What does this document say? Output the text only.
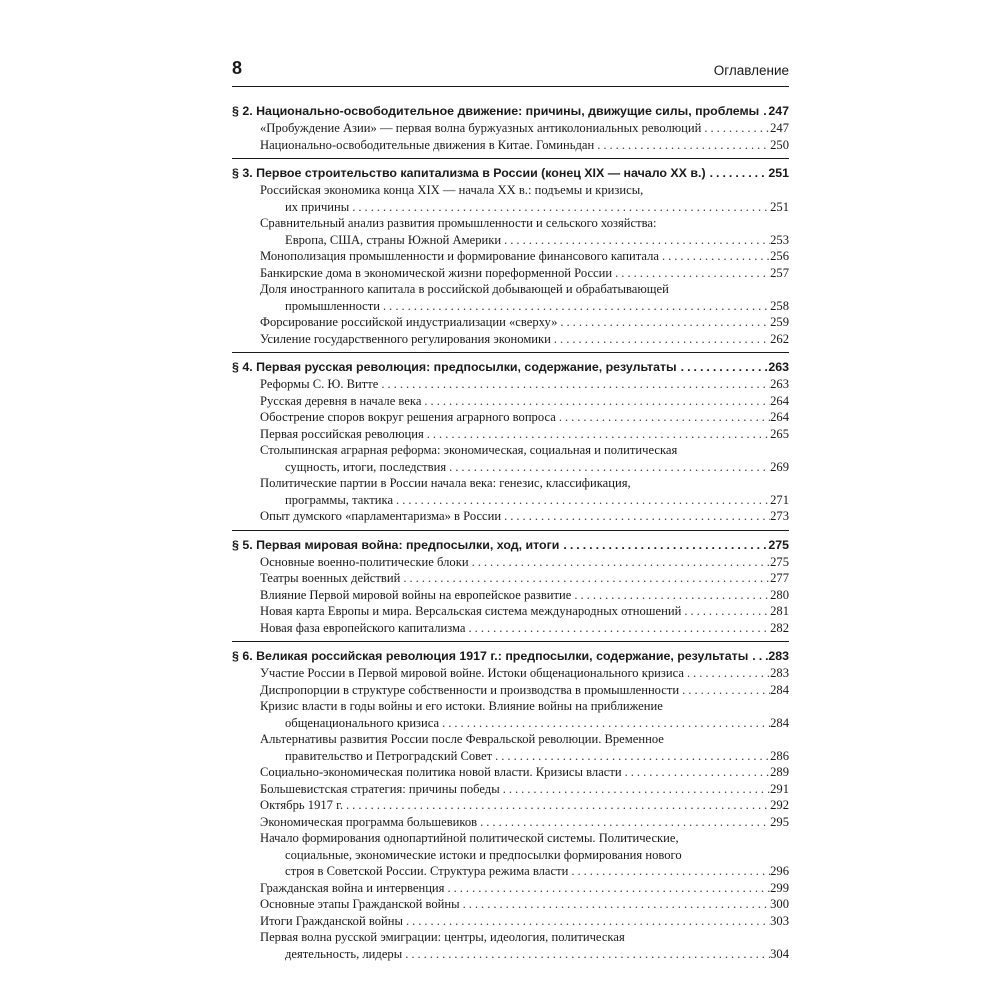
8	Оглавление
§ 2. Национально-освободительное движение: причины, движущие силы, проблемы ..... 247
«Пробуждение Азии» — первая волна буржуазных антиколониальных революций .....	247
Национально-освободительные движения в Китае. Гоминьдан .....	250
§ 3. Первое строительство капитализма в России (конец XIX — начало XX в.) .....	251
Российская экономика конца XIX — начала XX в.: подъемы и кризисы,
их причины .....	251
Сравнительный анализ развития промышленности и сельского хозяйства:
Европа, США, страны Южной Америки .....	253
Монополизация промышленности и формирование финансового капитала .....	256
Банкирские дома в экономической жизни пореформенной России .....	257
Доля иностранного капитала в российской добывающей и обрабатывающей
промышленности .....	258
Форсирование российской индустриализации «сверху» .....	259
Усиление государственного регулирования экономики .....	262
§ 4. Первая русская революция: предпосылки, содержание, результаты .....	263
Реформы С. Ю. Витте .....	263
Русская деревня в начале века .....	264
Обострение споров вокруг решения аграрного вопроса .....	264
Первая российская революция .....	265
Столыпинская аграрная реформа: экономическая, социальная и политическая
сущность, итоги, последствия .....	269
Политические партии в России начала века: генезис, классификация,
программы, тактика .....	271
Опыт думского «парламентаризма» в России .....	273
§ 5. Первая мировая война: предпосылки, ход, итоги .....	275
Основные военно-политические блоки .....	275
Театры военных действий .....	277
Влияние Первой мировой войны на европейское развитие .....	280
Новая карта Европы и мира. Версальская система международных отношений .....	281
Новая фаза европейского капитализма .....	282
§ 6. Великая российская революция 1917 г.: предпосылки, содержание, результаты ..... 283
Участие России в Первой мировой войне. Истоки общенационального кризиса .....	283
Диспропорции в структуре собственности и производства в промышленности .....	284
Кризис власти в годы войны и его истоки. Влияние войны на приближение
общенационального кризиса .....	284
Альтернативы развития России после Февральской революции. Временное
правительство и Петроградский Совет .....	286
Социально-экономическая политика новой власти. Кризисы власти .....	289
Большевистская стратегия: причины победы .....	291
Октябрь 1917 г. .....	292
Экономическая программа большевиков .....	295
Начало формирования однопартийной политической системы. Политические,
социальные, экономические истоки и предпосылки формирования нового
строя в Советской России. Структура режима власти .....	296
Гражданская война и интервенция .....	299
Основные этапы Гражданской войны .....	300
Итоги Гражданской войны .....	303
Первая волна русской эмиграции: центры, идеология, политическая
деятельность, лидеры .....	304
